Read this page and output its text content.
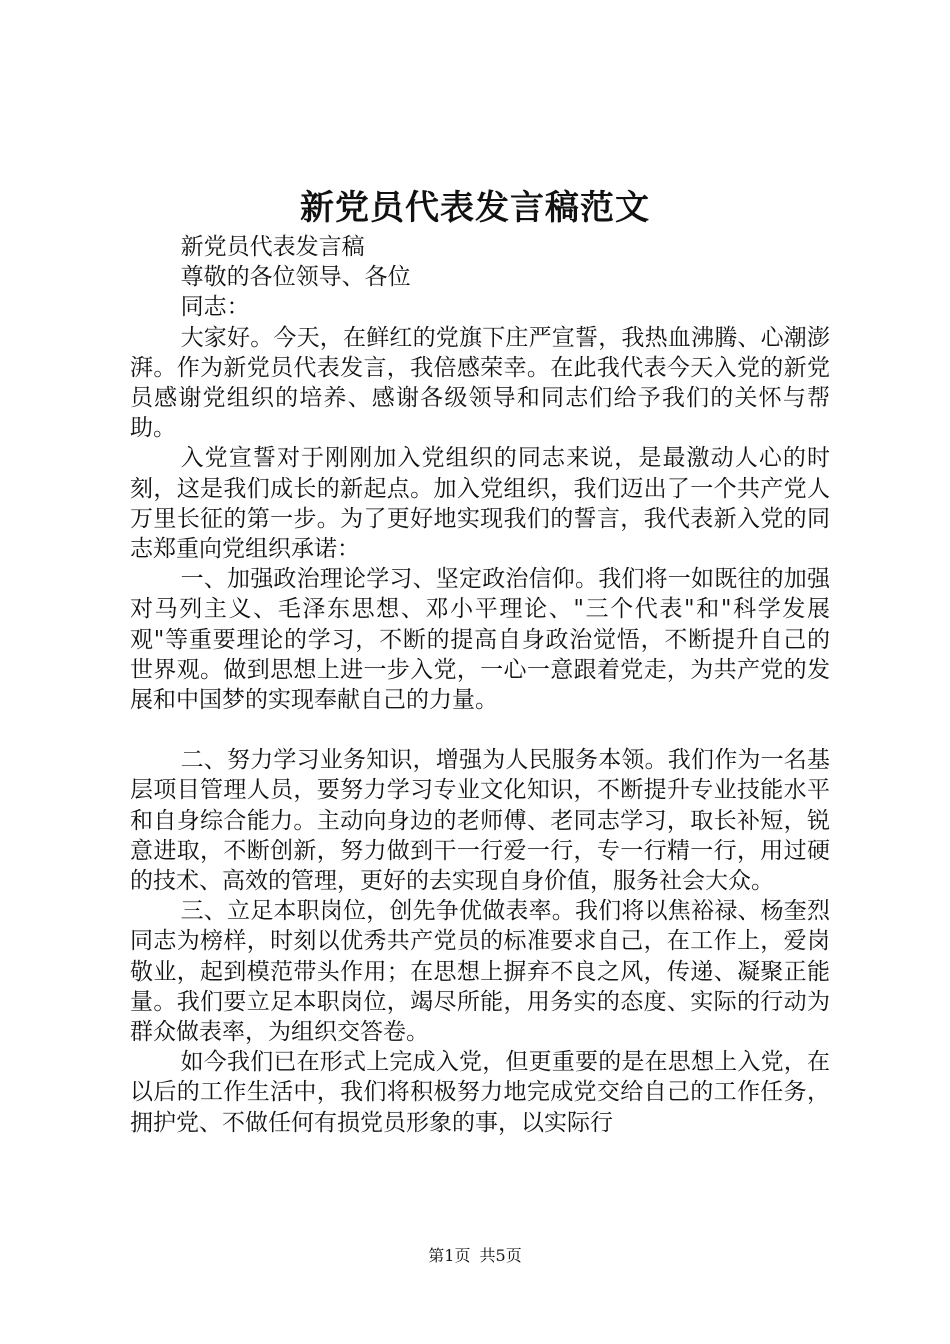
新党员代表发言稿范文

新党员代表发言稿

尊敬的各位领导、各位

同志：

大家好。今天，在鲜红的党旗下庄严宣誓，我热血沸腾、心潮澎湃。作为新党员代表发言，我倍感荣幸。在此我代表今天入党的新党员感谢党组织的培养、感谢各级领导和同志们给予我们的关怀与帮助。

入党宣誓对于刚刚加入党组织的同志来说，是最激动人心的时刻，这是我们成长的新起点。加入党组织，我们迈出了一个共产党人万里长征的第一步。为了更好地实现我们的誓言，我代表新入党的同志郑重向党组织承诺：

一、加强政治理论学习、坚定政治信仰。我们将一如既往的加强对马列主义、毛泽东思想、邓小平理论、"三个代表"和"科学发展观"等重要理论的学习，不断的提高自身政治觉悟，不断提升自己的世界观。做到思想上进一步入党，一心一意跟着党走，为共产党的发展和中国梦的实现奉献自己的力量。

二、努力学习业务知识，增强为人民服务本领。我们作为一名基层项目管理人员，要努力学习专业文化知识，不断提升专业技能水平和自身综合能力。主动向身边的老师傅、老同志学习，取长补短，锐意进取，不断创新，努力做到干一行爱一行，专一行精一行，用过硬的技术、高效的管理，更好的去实现自身价值，服务社会大众。

三、立足本职岗位，创先争优做表率。我们将以焦裕禄、杨奎烈同志为榜样，时刻以优秀共产党员的标准要求自己，在工作上，爱岗敬业，起到模范带头作用；在思想上摒弃不良之风，传递、凝聚正能量。我们要立足本职岗位，竭尽所能，用务实的态度、实际的行动为群众做表率，为组织交答卷。

如今我们已在形式上完成入党，但更重要的是在思想上入党，在以后的工作生活中，我们将积极努力地完成党交给自己的工作任务，拥护党、不做任何有损党员形象的事，以实际行

第1页 共5页
